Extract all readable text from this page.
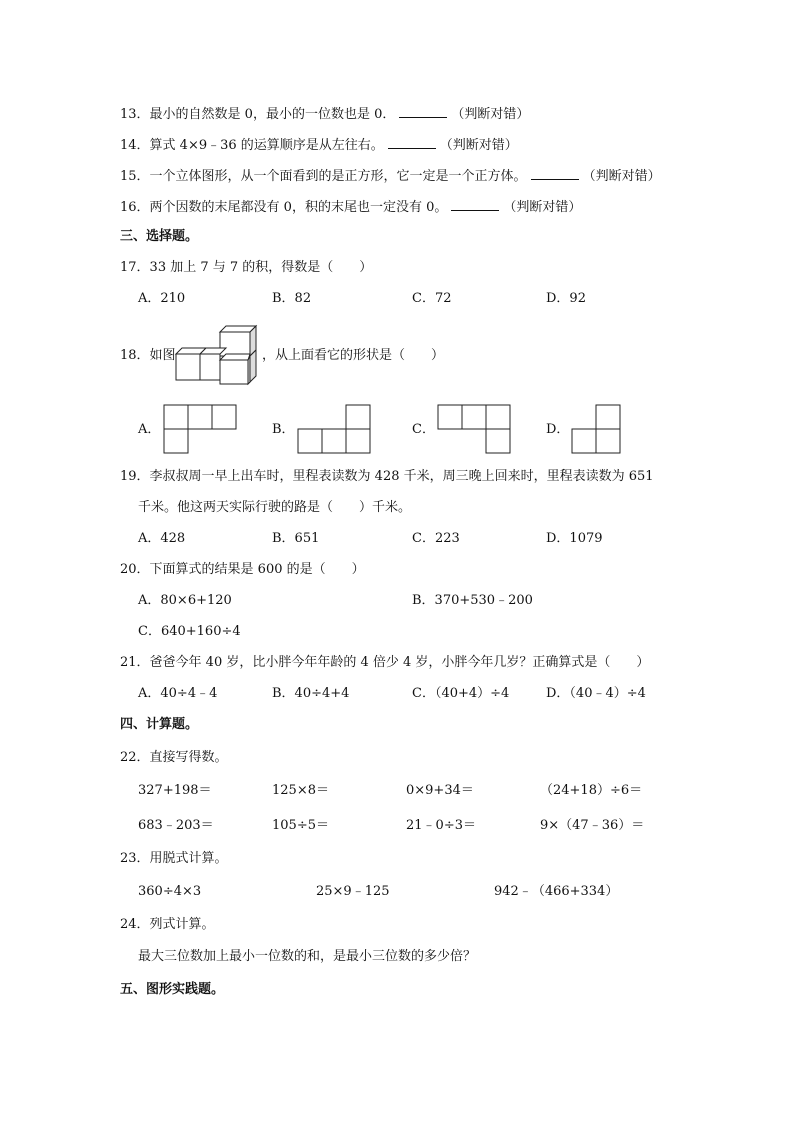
13．最小的自然数是 0，最小的一位数也是 0．	（判断对错）
14．算式 4×9﹣36 的运算顺序是从左往右。	（判断对错）
15．一个立体图形，从一个面看到的是正方形，它一定是一个正方体。	（判断对错）
16．两个因数的末尾都没有 0，积的末尾也一定没有 0。	（判断对错）
三、选择题。
17．33 加上 7 与 7 的积，得数是（　　）
A．210	B．82	C．72	D．92
18．如图	，从上面看它的形状是（　　）
A．	B．	C．	D．
19．李叔叔周一早上出车时，里程表读数为 428 千米，周三晚上回来时，里程表读数为 651
千米。他这两天实际行驶的路是（　　）千米。
A．428	B．651	C．223	D．1079
20．下面算式的结果是 600 的是（　　）
A．80×6+120	B．370+530﹣200
C．640+160÷4
21．爸爸今年 40 岁，比小胖今年年龄的 4 倍少 4 岁，小胖今年几岁？正确算式是（　　）
A．40÷4﹣4	B．40÷4+4	C．（40+4）÷4	D．（40﹣4）÷4
四、计算题。
22．直接写得数。
327+198＝	125×8＝	0×9+34＝	（24+18）÷6＝
683﹣203＝	105÷5＝	21﹣0÷3＝	9×（47﹣36）＝
23．用脱式计算。
360÷4×3	25×9﹣125	942﹣（466+334）
24．列式计算。
最大三位数加上最小一位数的和，是最小三位数的多少倍？
五、图形实践题。
